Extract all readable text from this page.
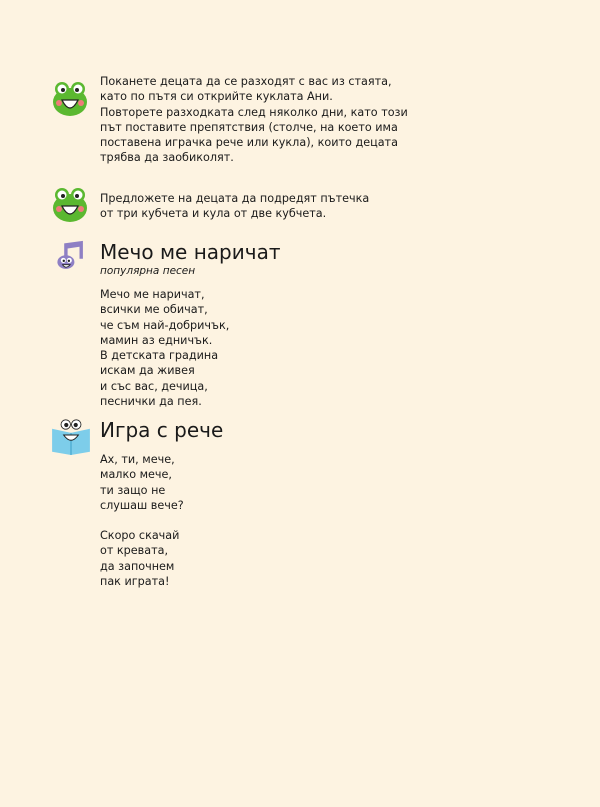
Поканете децата да се разходят с вас из стаята,
като по пътя си открийте куклата Ани.
Повторете разходката след няколко дни, като този
път поставите препятствия (столче, на което има
поставена играчка рече или кукла), които децата
трябва да заобиколят.
Предложете на децата да подредят пътечка
от три кубчета и кула от две кубчета.
Мечо ме наричат
популярна песен
Мечо ме наричат,
всички ме обичат,
че съм най-добричък,
мамин аз едничък.
В детската градина
искам да живея
и със вас, дечица,
песнички да пея.
Игра с рече
Ах, ти, мече,
малко мече,
ти защо не
слушаш вече?
Скоро скачай
от кревата,
да започнем
пак играта!
